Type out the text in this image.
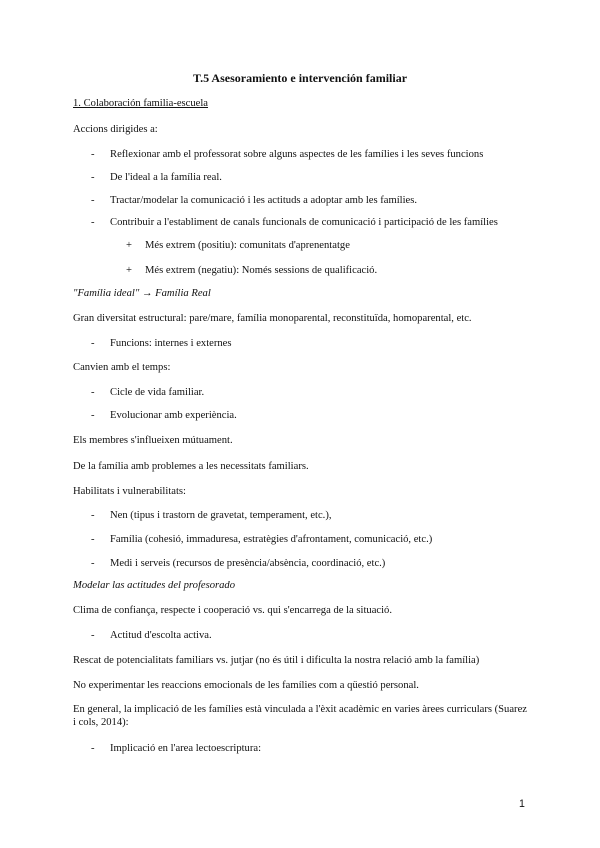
T.5 Asesoramiento e intervención familiar
1. Colaboración familia-escuela
Accions dirigides a:
- Reflexionar amb el professorat sobre alguns aspectes de les famílies i les seves funcions
- De l'ideal a la família real.
- Tractar/modelar la comunicació i les actituds a adoptar amb les famílies.
- Contribuir a l'establiment de canals funcionals de comunicació i participació de les famílies
+ Més extrem (positiu): comunitats d'aprenentatge
+ Més extrem (negatiu): Només sessions de qualificació.
"Família ideal" → Família Real
Gran diversitat estructural: pare/mare, família monoparental, reconstituïda, homoparental, etc.
- Funcions: internes i externes
Canvien amb el temps:
- Cicle de vida familiar.
- Evolucionar amb experiència.
Els membres s'influeixen mútuament.
De la família amb problemes a les necessitats familiars.
Habilitats i vulnerabilitats:
- Nen (tipus i trastorn de gravetat, temperament, etc.),
- Família (cohesió, immaduresa, estratègies d'afrontament, comunicació, etc.)
- Medi i serveis (recursos de presència/absència, coordinació, etc.)
Modelar las actitudes del profesorado
Clima de confiança, respecte i cooperació vs. qui s'encarrega de la situació.
- Actitud d'escolta activa.
Rescat de potencialitats familiars vs. jutjar (no és útil i dificulta la nostra relació amb la família)
No experimentar les reaccions emocionals de les famílies com a qüestió personal.
En general, la implicació de les famílies està vinculada a l'èxit acadèmic en varies àrees curriculars (Suarez i cols, 2014):
- Implicació en l'area lectoescriptura:
1
